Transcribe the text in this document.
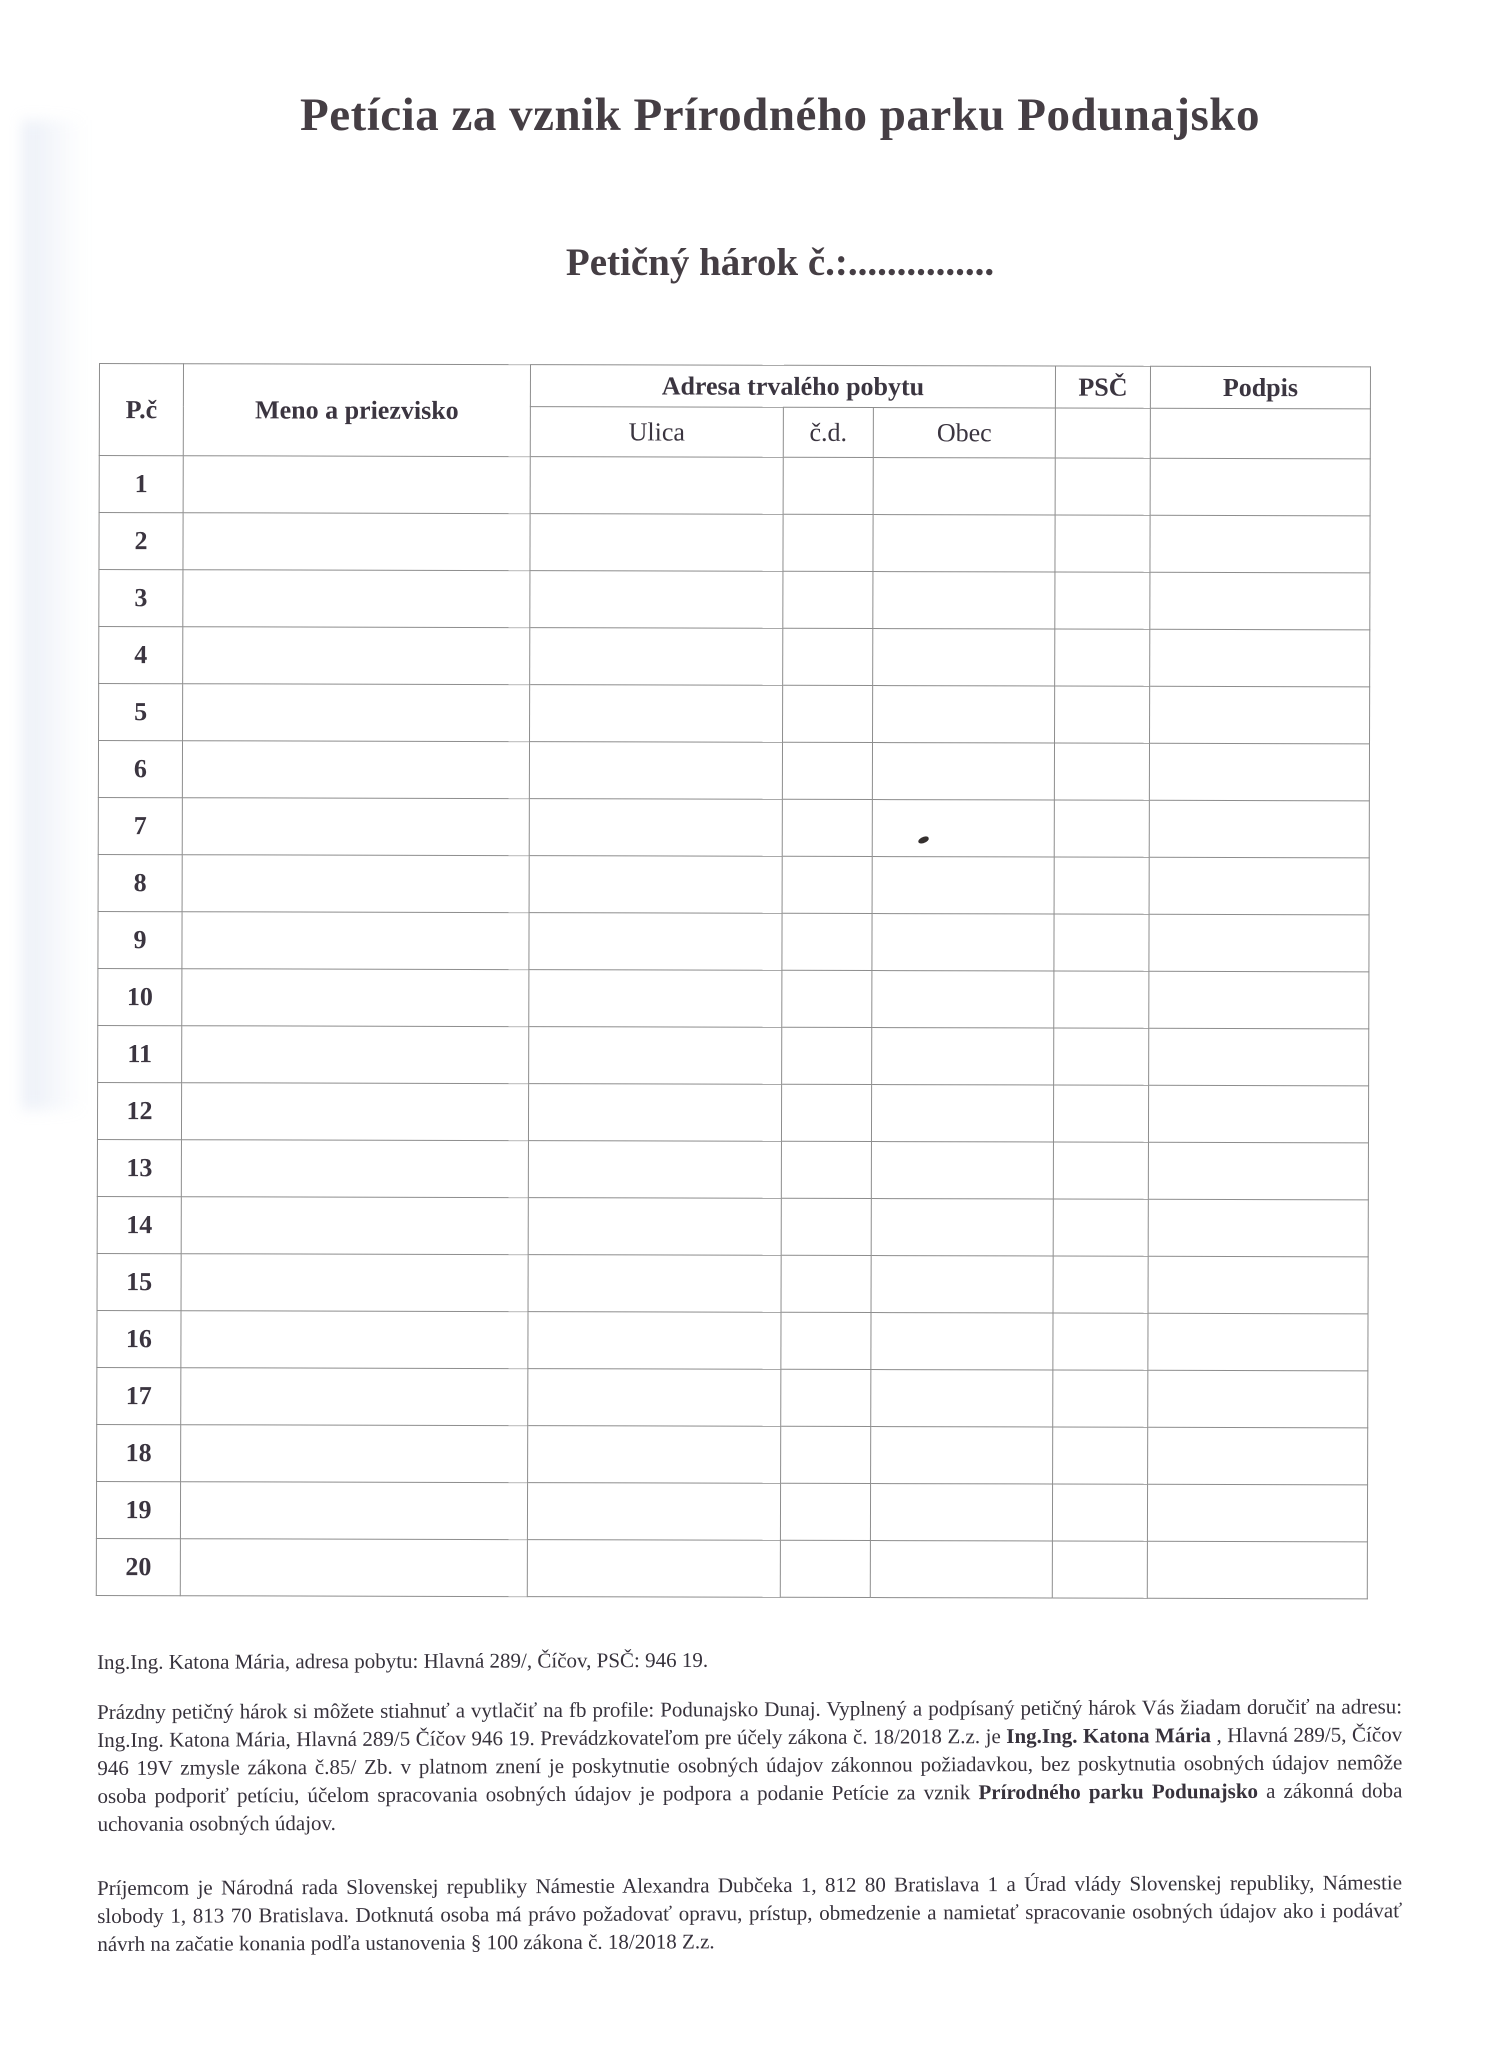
Petícia za vznik Prírodného parku Podunajsko
Petičný hárok č.:...............
P.č	Meno a priezvisko	Adresa trvalého pobytu			PSČ	Podpis
		Ulica	č.d.	Obec		
1						
2						
3						
4						
5						
6						
7						
8						
9						
10						
11						
12						
13						
14						
15						
16						
17						
18						
19						
20						
Ing.Ing. Katona Mária, adresa pobytu: Hlavná 289/, Číčov, PSČ: 946 19.
Prázdny petičný hárok si môžete stiahnuť a vytlačiť na fb profile: Podunajsko Dunaj. Vyplnený a podpísaný petičný hárok Vás žiadam doručiť na adresu: Ing.Ing. Katona Mária, Hlavná 289/5 Číčov 946 19. Prevádzkovateľom pre účely zákona č. 18/2018 Z.z. je Ing.Ing. Katona Mária , Hlavná 289/5, Číčov 946 19V zmysle zákona č.85/ Zb. v platnom znení je poskytnutie osobných údajov zákonnou požiadavkou, bez poskytnutia osobných údajov nemôže osoba podporiť petíciu, účelom spracovania osobných údajov je podpora a podanie Petície za vznik Prírodného parku Podunajsko a zákonná doba uchovania osobných údajov.
Príjemcom je Národná rada Slovenskej republiky Námestie Alexandra Dubčeka 1, 812 80 Bratislava 1 a Úrad vlády Slovenskej republiky, Námestie slobody 1, 813 70 Bratislava. Dotknutá osoba má právo požadovať opravu, prístup, obmedzenie a namietať spracovanie osobných údajov ako i podávať návrh na začatie konania podľa ustanovenia § 100 zákona č. 18/2018 Z.z.
